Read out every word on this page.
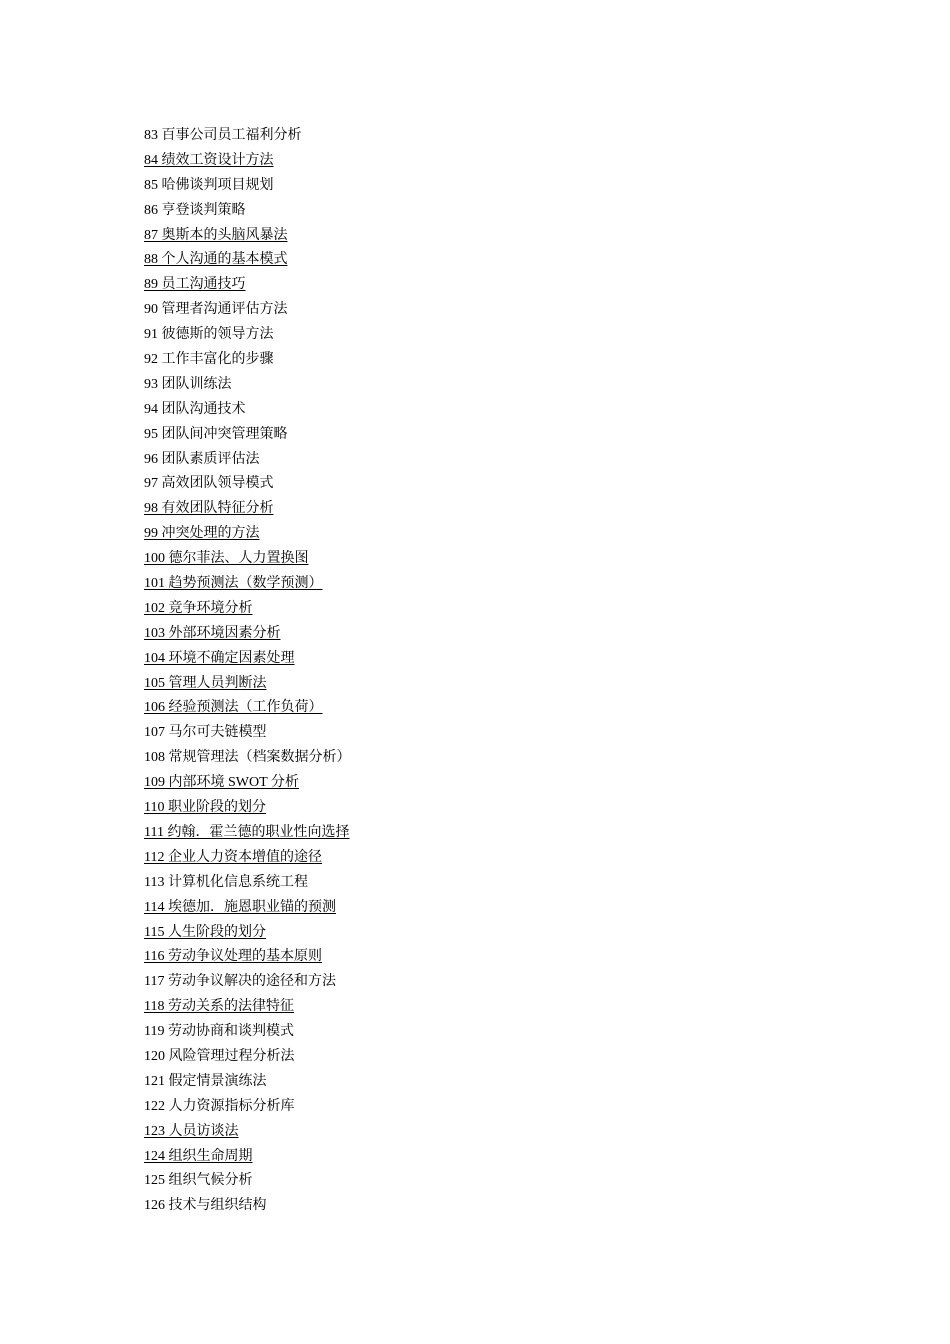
83 百事公司员工福利分析
84 绩效工资设计方法
85 哈佛谈判项目规划
86 亨登谈判策略
87 奥斯本的头脑风暴法
88 个人沟通的基本模式
89 员工沟通技巧
90 管理者沟通评估方法
91 彼德斯的领导方法
92 工作丰富化的步骤
93 团队训练法
94 团队沟通技术
95 团队间冲突管理策略
96 团队素质评估法
97 高效团队领导模式
98 有效团队特征分析
99 冲突处理的方法
100 德尔菲法、人力置换图
101 趋势预测法（数学预测）
102 竞争环境分析
103 外部环境因素分析
104 环境不确定因素处理
105 管理人员判断法
106 经验预测法（工作负荷）
107 马尔可夫链模型
108 常规管理法（档案数据分析）
109 内部环境 SWOT 分析
110 职业阶段的划分
111 约翰．霍兰德的职业性向选择
112 企业人力资本增值的途径
113 计算机化信息系统工程
114 埃德加．施恩职业锚的预测
115 人生阶段的划分
116 劳动争议处理的基本原则
117 劳动争议解决的途径和方法
118 劳动关系的法律特征
119 劳动协商和谈判模式
120 风险管理过程分析法
121 假定情景演练法
122 人力资源指标分析库
123 人员访谈法
124 组织生命周期
125 组织气候分析
126 技术与组织结构
